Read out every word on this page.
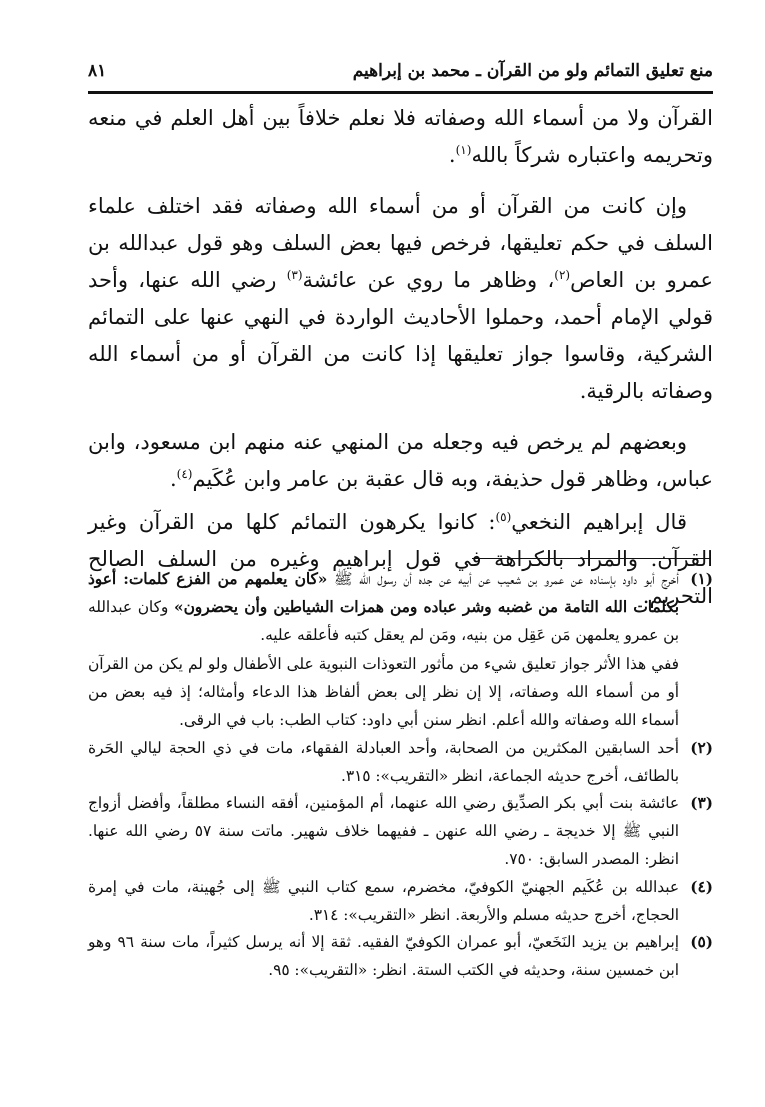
منع تعليق التمائم ولو من القرآن ـ محمد بن إبراهيم
٨١

القرآن ولا من أسماء الله وصفاته فلا نعلم خلافاً بين أهل العلم في منعه وتحريمه واعتباره شركاً بالله$^{(١)}$.

وإن كانت من القرآن أو من أسماء الله وصفاته فقد اختلف علماء السلف في حكم تعليقها، فرخص فيها بعض السلف وهو قول عبدالله بن عمرو بن العاص$^{(٢)}$، وظاهر ما روي عن عائشة$^{(٣)}$ رضي الله عنها، وأحد قولي الإمام أحمد، وحملوا الأحاديث الواردة في النهي عنها على التمائم الشركية، وقاسوا جواز تعليقها إذا كانت من القرآن أو من أسماء الله وصفاته بالرقية.

وبعضهم لم يرخص فيه وجعله من المنهي عنه منهم ابن مسعود، وابن عباس، وظاهر قول حذيفة، وبه قال عقبة بن عامر وابن عُكَيم$^{(٤)}$.

قال إبراهيم النخعي$^{(٥)}$: كانوا يكرهون التمائم كلها من القرآن وغير القرآن. والمراد بالكراهة في قول إبراهيم وغيره من السلف الصالح التحريم.

(١)

أخرج أبو داود بإسناده عن عمرو بن شعيب عن أبيه عن جده أن رسول الله ﷺ «كان يعلمهم من الفزع كلمات: أعوذ بكلمات الله التامة من غضبه وشر عباده ومن همزات الشياطين وأن يحضرون» وكان عبدالله بن عمرو يعلمهن مَن عَقِل من بنيه، ومَن لم يعقل كتبه فأعلقه عليه.

ففي هذا الأثر جواز تعليق شيء من مأثور التعوذات النبوية على الأطفال ولو لم يكن من القرآن أو من أسماء الله وصفاته، إلا إن نظر إلى بعض ألفاظ هذا الدعاء وأمثاله؛ إذ فيه بعض من أسماء الله وصفاته والله أعلم. انظر سنن أبي داود: كتاب الطب: باب في الرقى.

(٢)
أحد السابقين المكثرين من الصحابة، وأحد العبادلة الفقهاء، مات في ذي الحجة ليالي الحَرة بالطائف، أخرج حديثه الجماعة، انظر «التقريب»: ٣١٥.
(٣)
عائشة بنت أبي بكر الصدِّيق رضي الله عنهما، أم المؤمنين، أفقه النساء مطلقاً، وأفضل أزواج النبي ﷺ إلا خديجة ـ رضي الله عنهن ـ ففيهما خلاف شهير. ماتت سنة ٥٧ رضي الله عنها. انظر: المصدر السابق: ٧٥٠.
(٤)
عبدالله بن عُكَيم الجهنيّ الكوفيّ، مخضرم، سمع كتاب النبي ﷺ إلى جُهينة، مات في إمرة الحجاج، أخرج حديثه مسلم والأربعة. انظر «التقريب»: ٣١٤.
(٥)
إبراهيم بن يزيد النَخَعيّ، أبو عمران الكوفيّ الفقيه. ثقة إلا أنه يرسل كثيراً، مات سنة ٩٦ وهو ابن خمسين سنة، وحديثه في الكتب الستة. انظر: «التقريب»: ٩٥.
